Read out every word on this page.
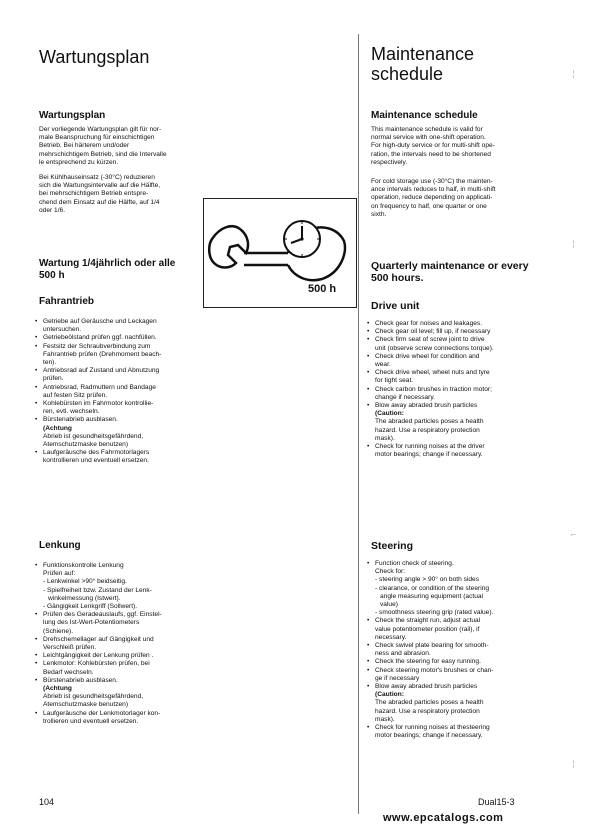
Wartungsplan
Wartungsplan
Der vorliegende Wartungsplan gilt für nor-
male Beanspruchung für einschichtigen
Betrieb. Bei härterem und/oder
mehrschichtigem Betrieb, sind die Intervalle
le entsprechend zu kürzen.
Bei Kühlhauseinsatz (-30°C) reduzieren
sich die Wartungsintervalle auf die Hälfte,
bei mehrschichtigem Betrieb entspre-
chend dem Einsatz auf die Hälfte, auf 1/4
oder 1/6.
Wartung 1/4jährlich oder alle
500 h
Fahrantrieb
• Getriebe auf Geräusche und Leckagen
untersuchen.
• Getriebeölstand prüfen ggf. nachfüllen.
• Festsitz der Schraubverbindung zum
Fahrantrieb prüfen (Drehmoment beach-
ten).
• Antriebsrad auf Zustand und Abnutzung
prüfen.
• Antriebsrad, Radmuttern und Bandage
auf festen Sitz prüfen.
• Kohlebürsten im Fahrmotor kontrollie-
ren, evtl. wechseln.
• Bürstenabrieb ausblasen.
(Achtung
Abrieb ist gesundheitsgefährdend,
Atemschutzmaske benutzen)
• Laufgeräusche des Fahrmotorlagers
kontrollieren und eventuell ersetzen.
Lenkung
• Funktionskontrolle Lenkung
Prüfen auf:
- Lenkwinkel >90° beidseitig.
- Spielfreiheit bzw. Zustand der Lenk-
winkelmessung (Istwert).
- Gängigkeit Lenkgriff (Sollwert).
• Prüfen des Geradeauslaufs, ggf. Einstel-
lung des Ist-Wert-Potentiometers
(Schiene).
• Drehschemellager auf Gängigkeit und
Verschleiß prüfen.
• Leichtgängigkeit der Lenkung prüfen .
• Lenkmotor: Kohlebürsten prüfen, bei
Bedarf wechseln.
• Bürstenabrieb ausblasen.
(Achtung
Abrieb ist gesundheitsgefährdend,
Atemschutzmaske benutzen)
• Laufgeräusche der Lenkmotorlager kon-
trollieren und eventuell ersetzen.
104
500 h
Maintenance
schedule
Maintenance schedule
This maintenance schedule is valid for
normal service with one-shift operation.
For high-duty service or for multi-shift ope-
ration, the intervals need to be shortened
respectively.
For cold storage use (-30°C) the mainten-
ance intervals reduces to half, in multi-shift
operation, reduce depending on applicati-
on frequency to half, one quarter or one
sixth.
Quarterly maintenance or every
500 hours.
Drive unit
• Check gear for noises and leakages.
• Check gear oil level; fill up, if necessary
• Check firm seat of screw joint to drive
unit (observe screw connections torque).
• Check drive wheel for condition and
wear.
• Check drive wheel, wheel nuts and tyre
for tight seat.
• Check carbon brushes in traction motor;
change if necessary.
• Blow away abraded brush particles
(Caution:
The abraded particles poses a health
hazard. Use a respiratory protection
mask).
• Check for running noises at the driver
motor bearings; change if necessary.
Steering
• Function check of steering.
Check for:
- steering angle > 90° on both sides
- clearance, or condition of the steering
angle measuring equipment (actual
value)
- smoothness steering grip (rated value).
• Check the straight run, adjust actual
value potentiometer position (rail), if
necessary.
• Check swivel plate bearing for smooth-
ness and abrasion.
• Check the steering for easy running.
• Check steering motor's brushes or chan-
ge if necessary
• Blow away abraded brush particles
(Caution:
The abraded particles poses a health
hazard. Use a respiratory protection
mask).
• Check for running noises at thesteering
motor bearings; change if necessary.
Dual15-3
www.epcatalogs.com
╎
╎
⌐
╎
